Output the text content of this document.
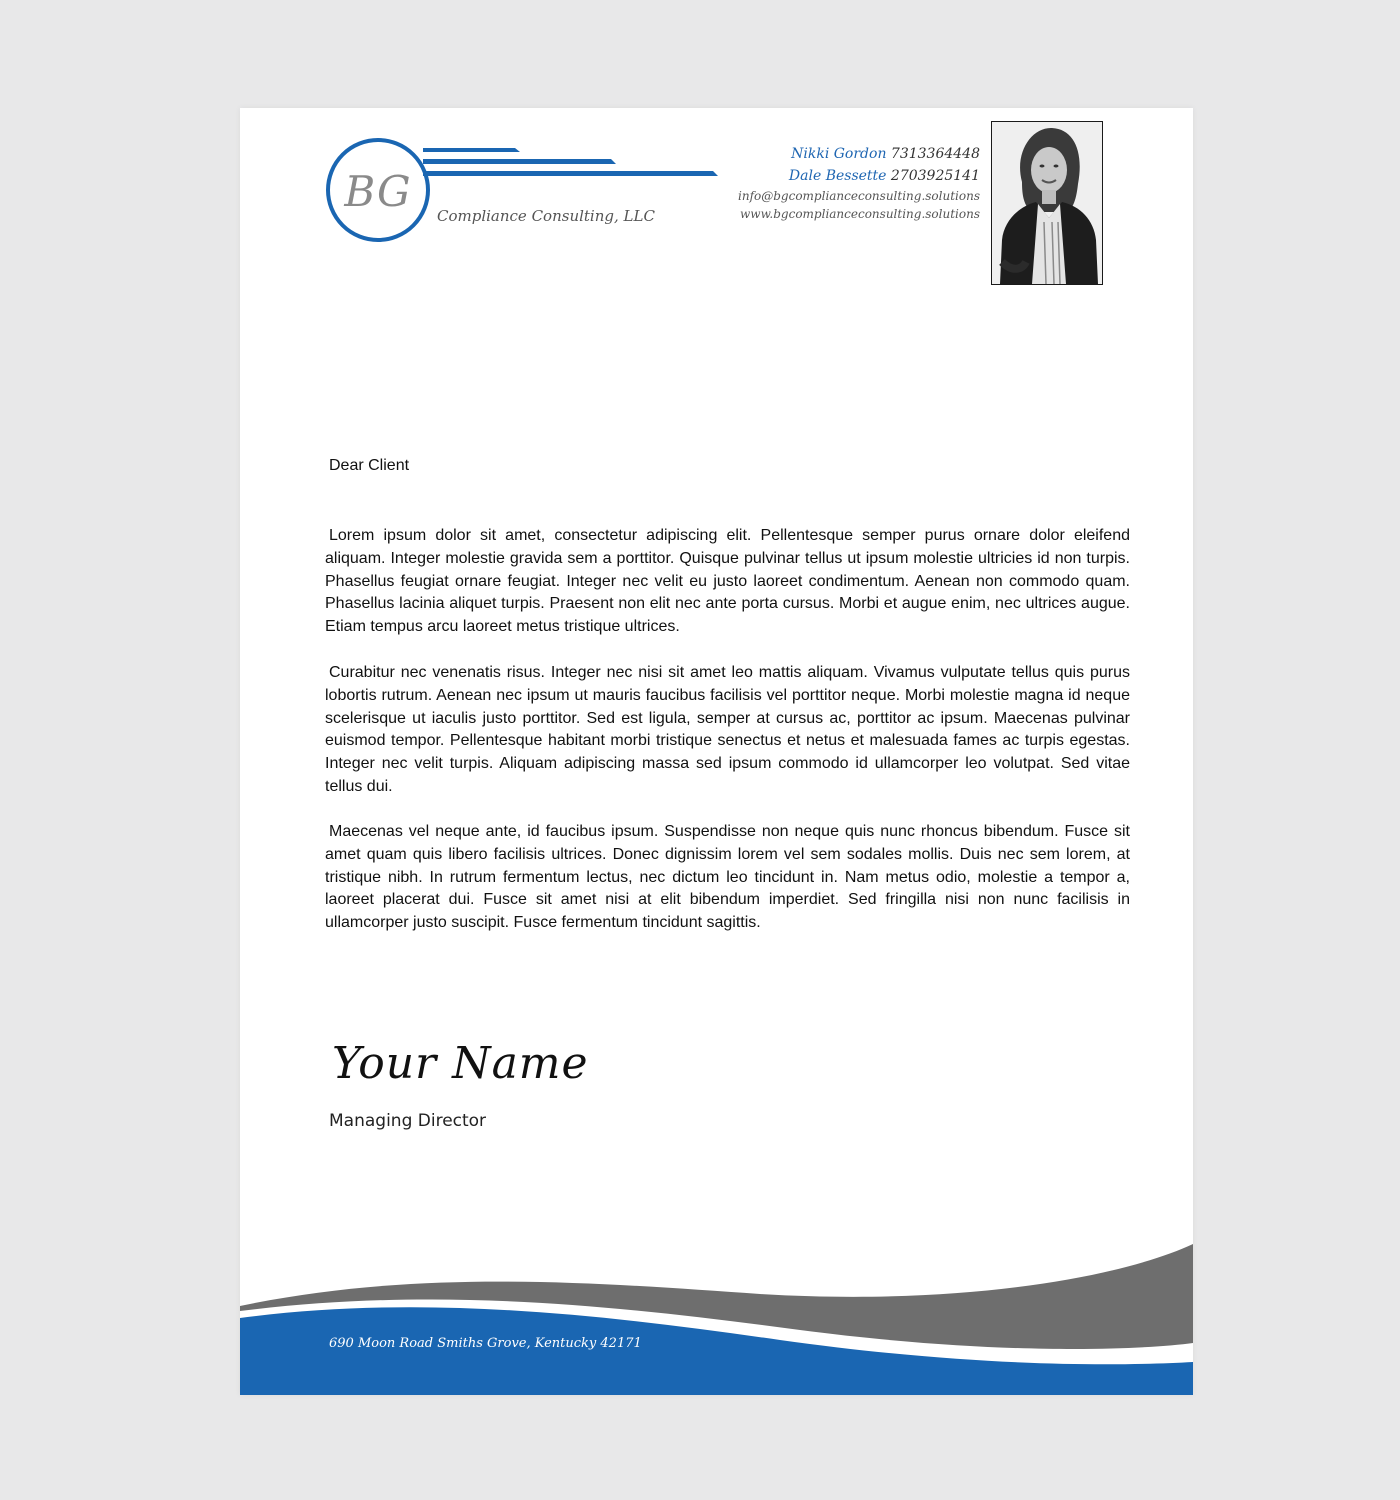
BG	Compliance Consulting, LLC
Nikki Gordon 7313364448
Dale Bessette 2703925141
info@bgcomplianceconsulting.solutions
www.bgcomplianceconsulting.solutions
Dear Client

Lorem ipsum dolor sit amet, consectetur adipiscing elit. Pellentesque semper purus ornare dolor eleifend aliquam. Integer molestie gravida sem a porttitor. Quisque pulvinar tellus ut ipsum molestie ultricies id non turpis. Phasellus feugiat ornare feugiat. Integer nec velit eu justo laoreet condimentum. Aenean non commodo quam. Phasellus lacinia aliquet turpis. Praesent non elit nec ante porta cursus. Morbi et augue enim, nec ultrices augue. Etiam tempus arcu laoreet metus tristique ultrices.

Curabitur nec venenatis risus. Integer nec nisi sit amet leo mattis aliquam. Vivamus vulputate tellus quis purus lobortis rutrum. Aenean nec ipsum ut mauris faucibus facilisis vel porttitor neque. Morbi molestie magna id neque scelerisque ut iaculis justo porttitor. Sed est ligula, semper at cursus ac, porttitor ac ipsum. Maecenas pulvinar euismod tempor. Pellentesque habitant morbi tristique senectus et netus et malesuada fames ac turpis egestas. Integer nec velit turpis. Aliquam adipiscing massa sed ipsum commodo id ullamcorper leo volutpat. Sed vitae tellus dui.

Maecenas vel neque ante, id faucibus ipsum. Suspendisse non neque quis nunc rhoncus bibendum. Fusce sit amet quam quis libero facilisis ultrices. Donec dignissim lorem vel sem sodales mollis. Duis nec sem lorem, at tristique nibh. In rutrum fermentum lectus, nec dictum leo tincidunt in. Nam metus odio, molestie a tempor a, laoreet placerat dui. Fusce sit amet nisi at elit bibendum imperdiet. Sed fringilla nisi non nunc facilisis in ullamcorper justo suscipit. Fusce fermentum tincidunt sagittis.

Your Name
Managing Director
690 Moon Road Smiths Grove, Kentucky 42171
